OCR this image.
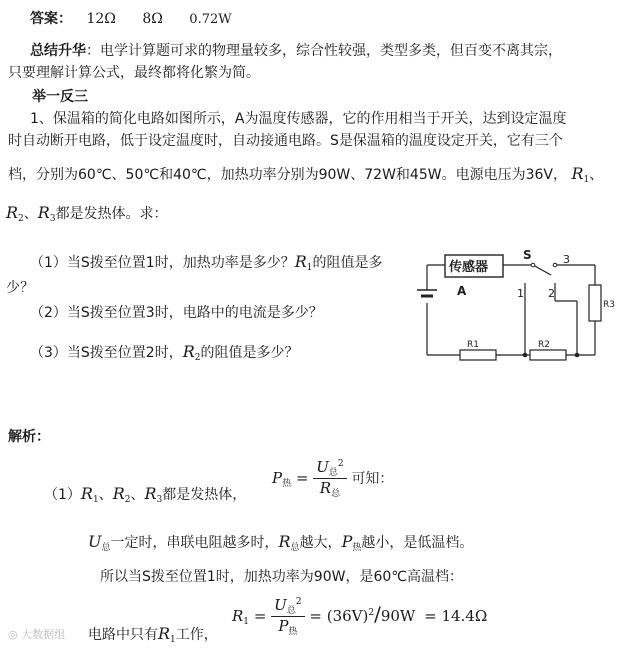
答案： 12Ω 8Ω 0.72W
总结升华：电学计算题可求的物理量较多，综合性较强，类型多类，但百变不离其宗，
只要理解计算公式，最终都将化繁为简。
举一反三
1、保温箱的简化电路如图所示，A为温度传感器，它的作用相当于开关，达到设定温度
时自动断开电路，低于设定温度时，自动接通电路。S是保温箱的温度设定开关，它有三个
档，分别为60℃、50℃和40℃，加热功率分别为90W、72W和45W。电源电压为36V， $R_1$、
$R_2$、$R_3$都是发热体。求：
（1）当S拨至位置1时，加热功率是多少？$R_1$的阻值是多
少？
（2）当S拨至位置3时，电路中的电流是多少？
（3）当S拨至位置2时，$R_2$的阻值是多少？
传感器
A
S	3
1 2
R1	R2
R3
解析：
$(1)R_1$、$R_2$、$R_3$都是发热体，
$P_热 = \frac{U_总^2}{R_总}$ 可知：
$U_总$一定时，串联电阻越多时，$R_总$越大，$P_热$越小，是低温档。
所以当S拨至位置1时，加热功率为90W，是60℃高温档：
电路中只有$R_1$工作，
$R_1 = \frac{U_总^2}{P_热} = (36V)^2/90W = 14.4\Omega$
◎ 大数据组
